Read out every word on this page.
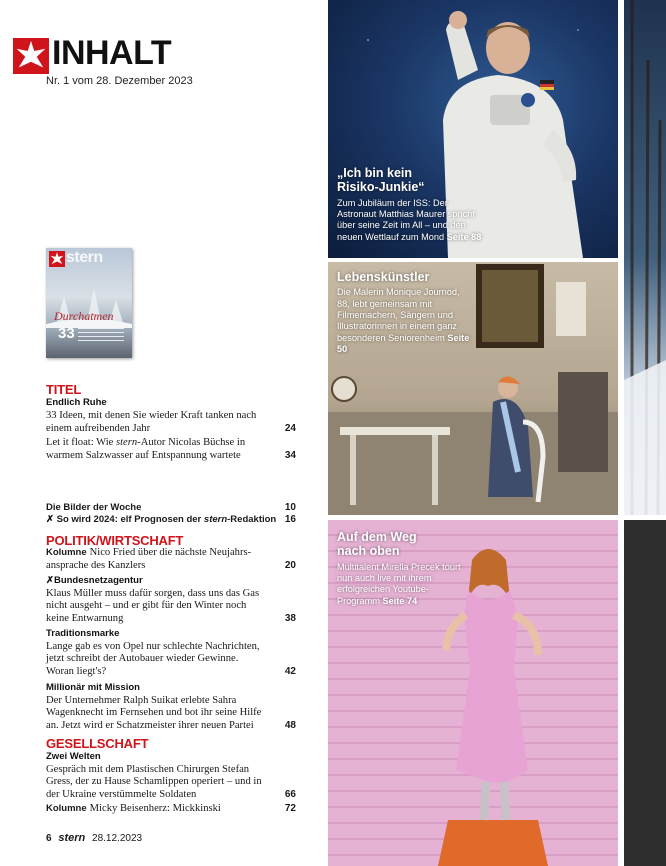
INHALT
Nr. 1 vom 28. Dezember 2023
stern
Durchatmen
33
TITEL
Endlich Ruhe
33 Ideen, mit denen Sie wieder Kraft tanken nach einem aufreibenden Jahr	24
Let it float: Wie stern-Autor Nicolas Büchse in warmem Salzwasser auf Entspannung wartete	34
Die Bilder der Woche	10
✗ So wird 2024: elf Prognosen der stern-Redaktion 16
POLITIK/WIRTSCHAFT
Kolumne Nico Fried über die nächste Neujahrsansprache des Kanzlers	20
✗Bundesnetzagentur
Klaus Müller muss dafür sorgen, dass uns das Gas nicht ausgeht – und er gibt für den Winter noch keine Entwarnung	38
Traditionsmarke
Lange gab es von Opel nur schlechte Nachrichten, jetzt schreibt der Autobauer wieder Gewinne. Woran liegt's?	42
Millionär mit Mission
Der Unternehmer Ralph Suikat erlebte Sahra Wagenknecht im Fernsehen und bot ihr seine Hilfe an. Jetzt wird er Schatzmeister ihrer neuen Partei	48
GESELLSCHAFT
Zwei Welten
Gespräch mit dem Plastischen Chirurgen Stefan Gress, der zu Hause Schamlippen operiert – und in der Ukraine verstümmelte Soldaten	66
Kolumne Micky Beisenherz: Mickkinski	72
6 stern 28.12.2023
„Ich bin kein
Risiko-Junkie“
Zum Jubiläum der ISS: Der Astronaut Matthias Maurer spricht über seine Zeit im All – und den neuen Wettlauf zum Mond Seite 88
Lebenskünstler
Die Malerin Monique Journod, 88, lebt gemeinsam mit Filmemachern, Sängern und Illustratorinnen in einem ganz besonderen Seniorenheim Seite 50
Auf dem Weg
nach oben
Multitalent Mirella Precek tourt nun auch live mit ihrem erfolgreichen Youtube-Programm Seite 74
